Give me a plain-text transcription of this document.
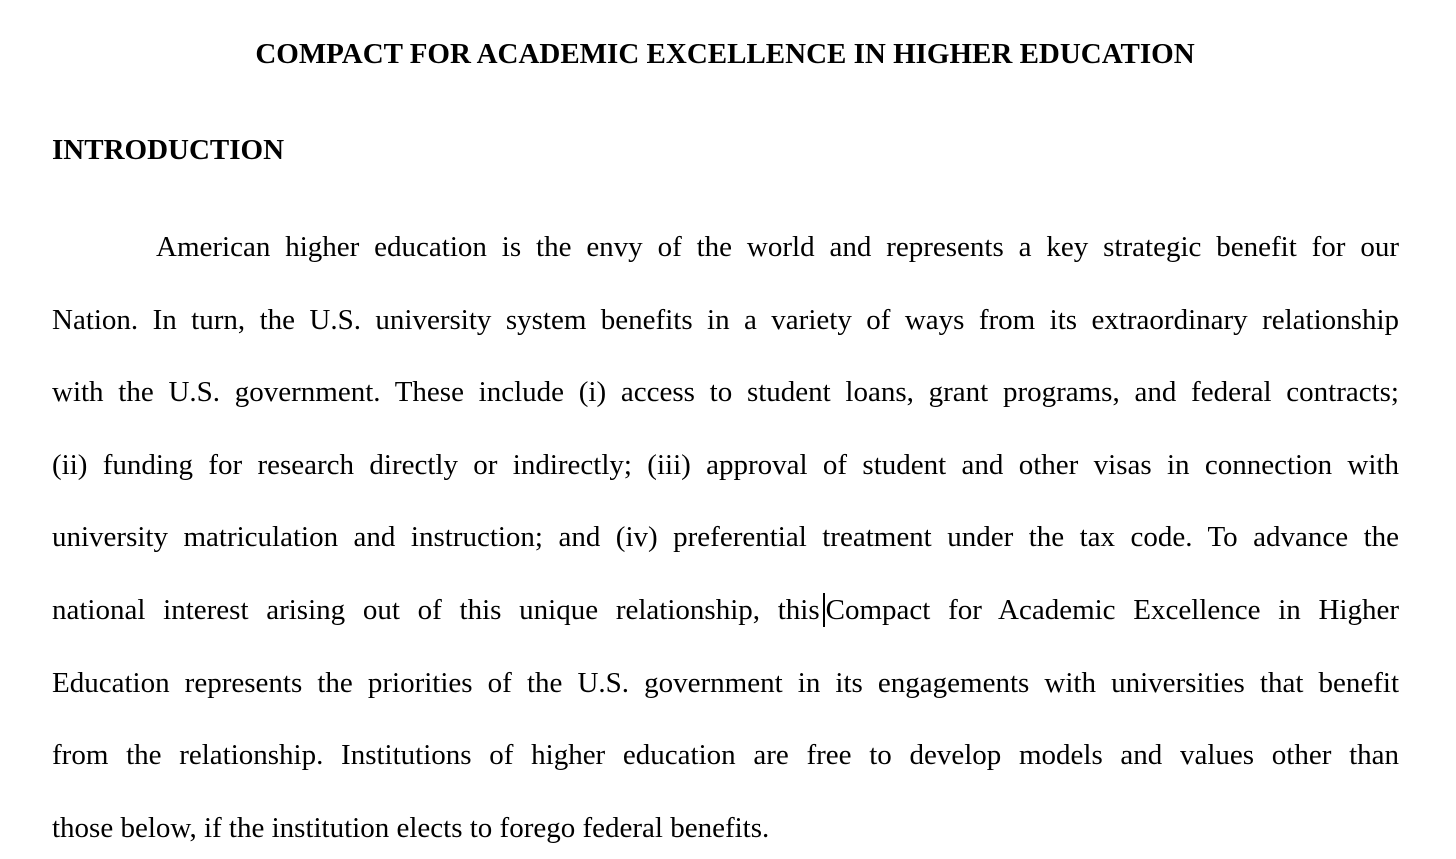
COMPACT FOR ACADEMIC EXCELLENCE IN HIGHER EDUCATION
INTRODUCTION
American higher education is the envy of the world and represents a key strategic benefit for our
Nation. In turn, the U.S. university system benefits in a variety of ways from its extraordinary relationship
with the U.S. government. These include (i) access to student loans, grant programs, and federal contracts;
(ii) funding for research directly or indirectly; (iii) approval of student and other visas in connection with
university matriculation and instruction; and (iv) preferential treatment under the tax code. To advance the
national interest arising out of this unique relationship, this Compact for Academic Excellence in Higher
Education represents the priorities of the U.S. government in its engagements with universities that benefit
from the relationship. Institutions of higher education are free to develop models and values other than
those below, if the institution elects to forego federal benefits.
